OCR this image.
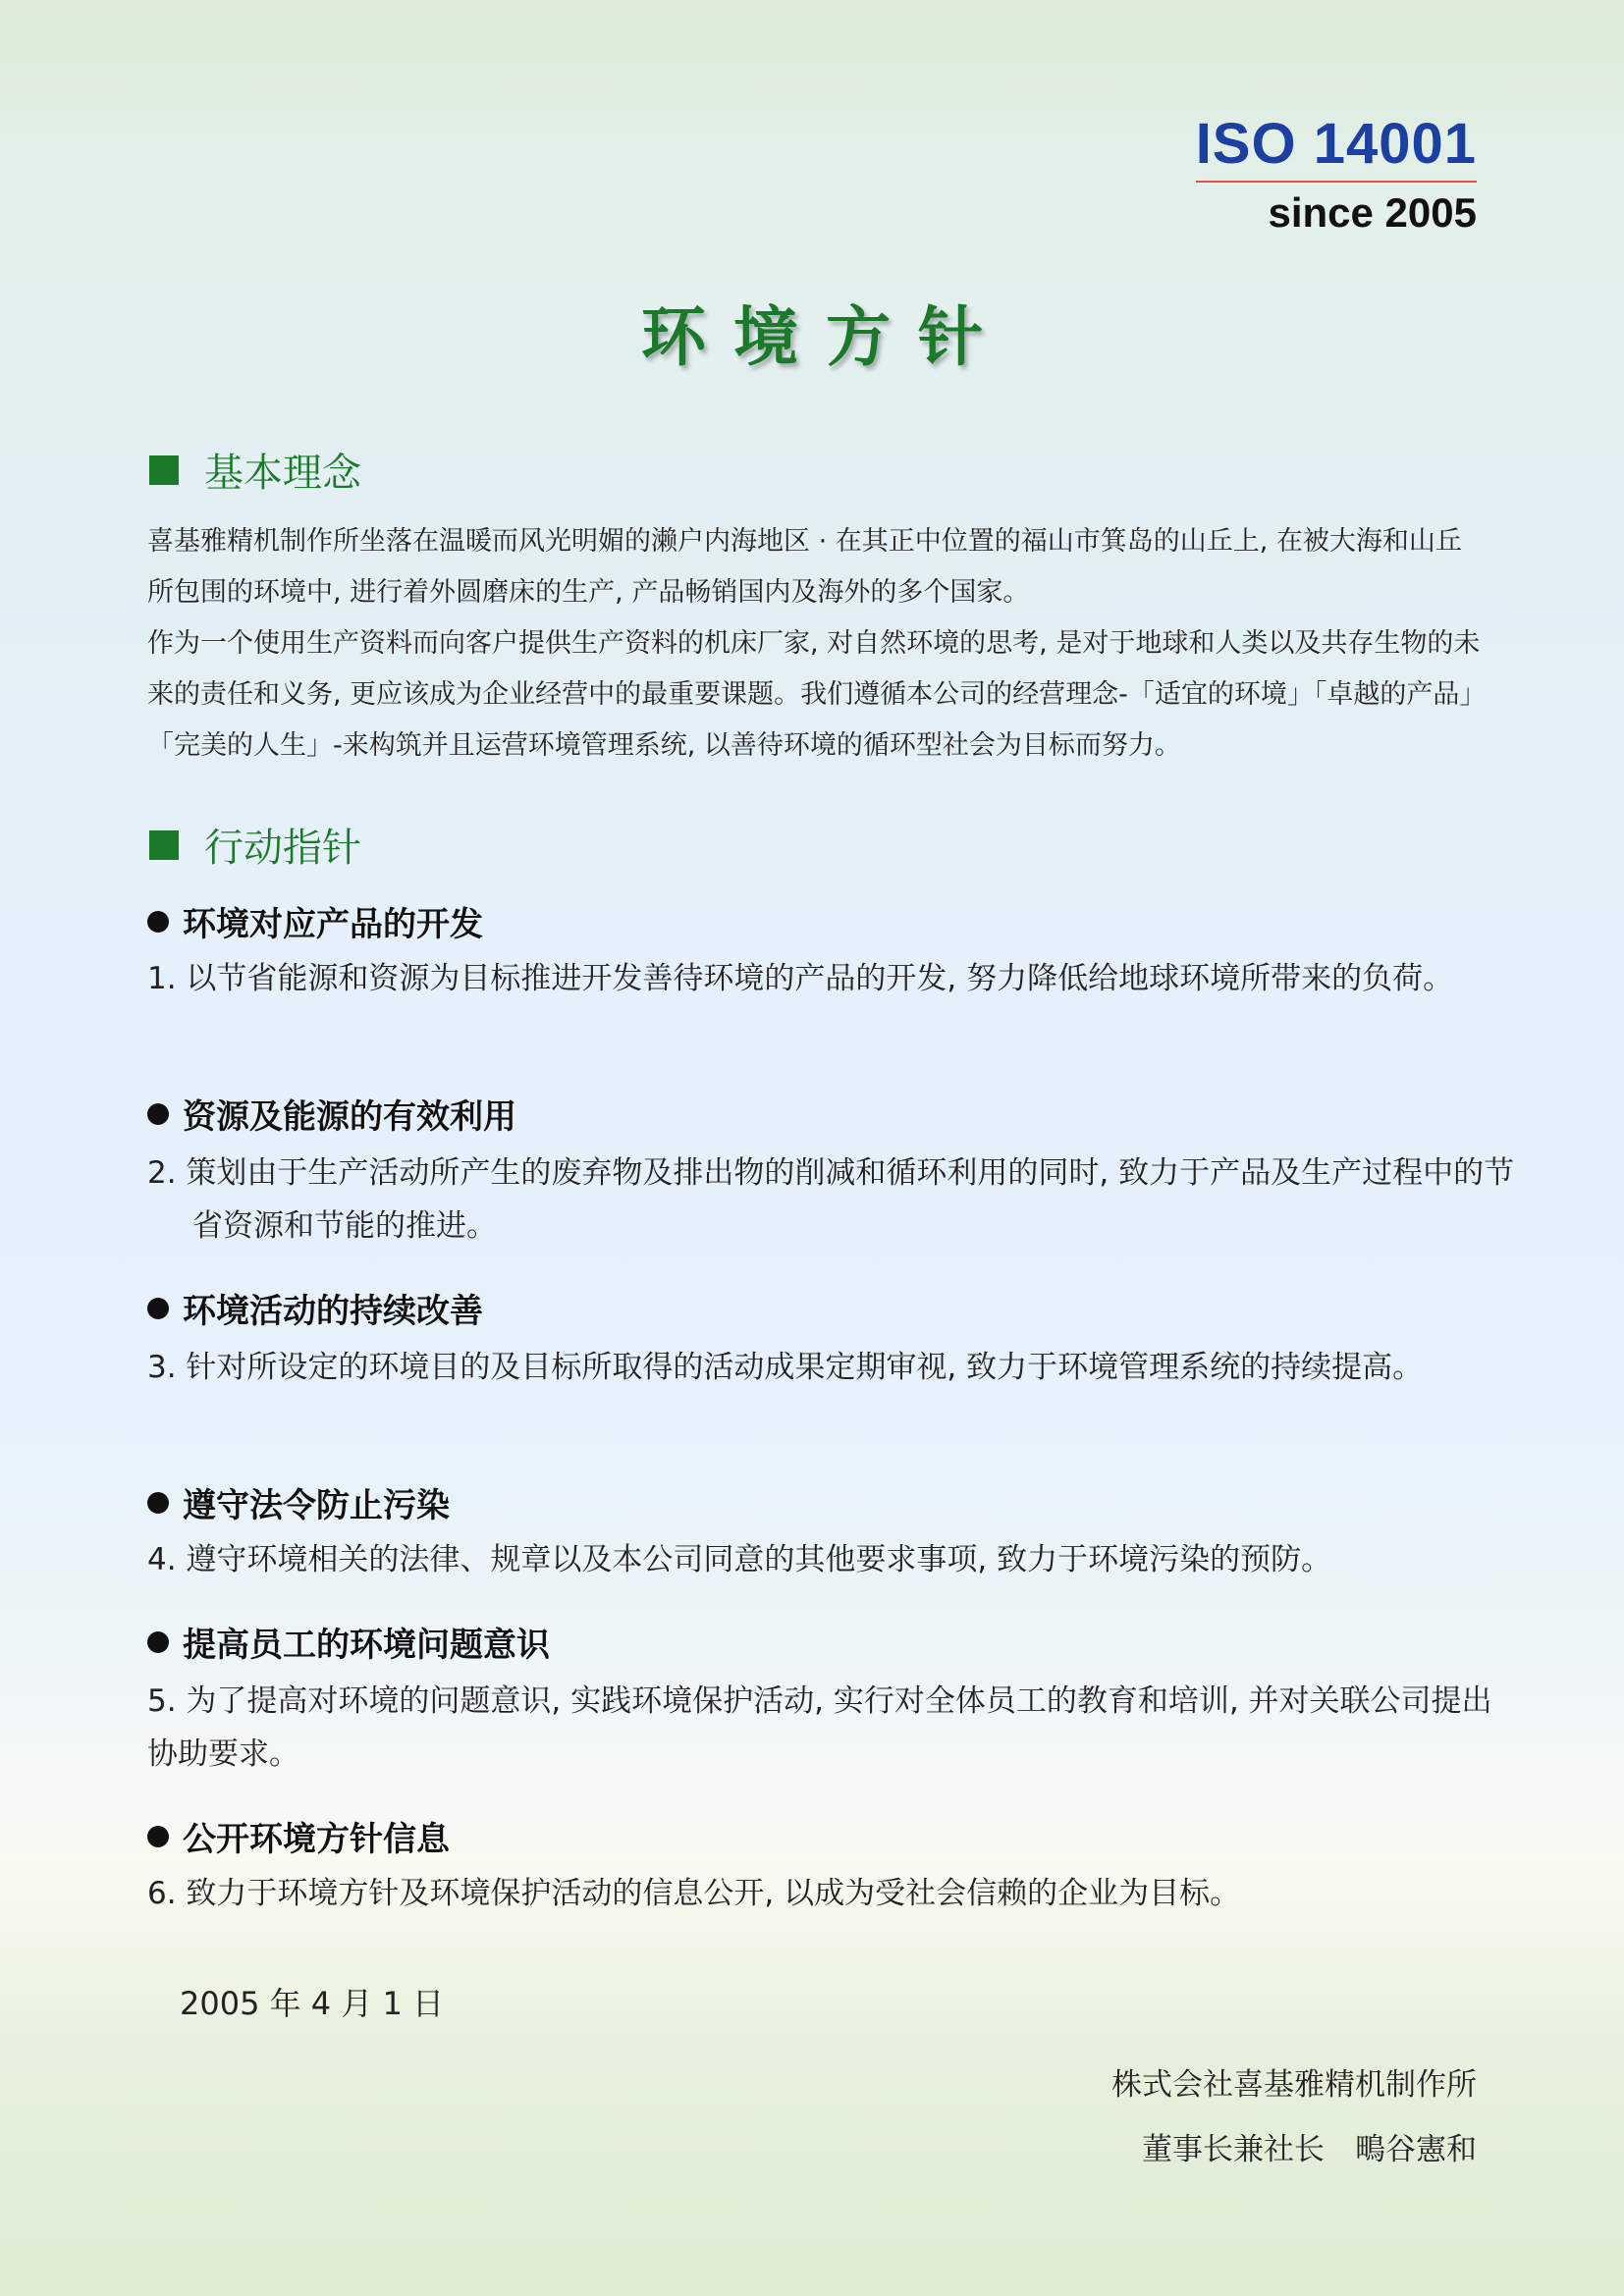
ISO 14001
since 2005
环境方针
基本理念
喜基雅精机制作所坐落在温暖而风光明媚的濑户内海地区 · 在其正中位置的福山市箕岛的山丘上, 在被大海和山丘所包围的环境中, 进行着外圆磨床的生产, 产品畅销国内及海外的多个国家。
作为一个使用生产资料而向客户提供生产资料的机床厂家, 对自然环境的思考, 是对于地球和人类以及共存生物的未来的责任和义务, 更应该成为企业经营中的最重要课题。我们遵循本公司的经营理念-「适宜的环境」「卓越的产品」「完美的人生」-来构筑并且运营环境管理系统, 以善待环境的循环型社会为目标而努力。
行动指针
环境对应产品的开发
1. 以节省能源和资源为目标推进开发善待环境的产品的开发, 努力降低给地球环境所带来的负荷。
资源及能源的有效利用
2. 策划由于生产活动所产生的废弃物及排出物的削减和循环利用的同时, 致力于产品及生产过程中的节省资源和节能的推进。
环境活动的持续改善
3. 针对所设定的环境目的及目标所取得的活动成果定期审视, 致力于环境管理系统的持续提高。
遵守法令防止污染
4. 遵守环境相关的法律、规章以及本公司同意的其他要求事项, 致力于环境污染的预防。
提高员工的环境问题意识
5. 为了提高对环境的问题意识, 实践环境保护活动, 实行对全体员工的教育和培训, 并对关联公司提出协助要求。
公开环境方针信息
6. 致力于环境方针及环境保护活动的信息公开, 以成为受社会信赖的企业为目标。
2005 年 4 月 1 日
株式会社喜基雅精机制作所
董事长兼社长　鴫谷憲和
